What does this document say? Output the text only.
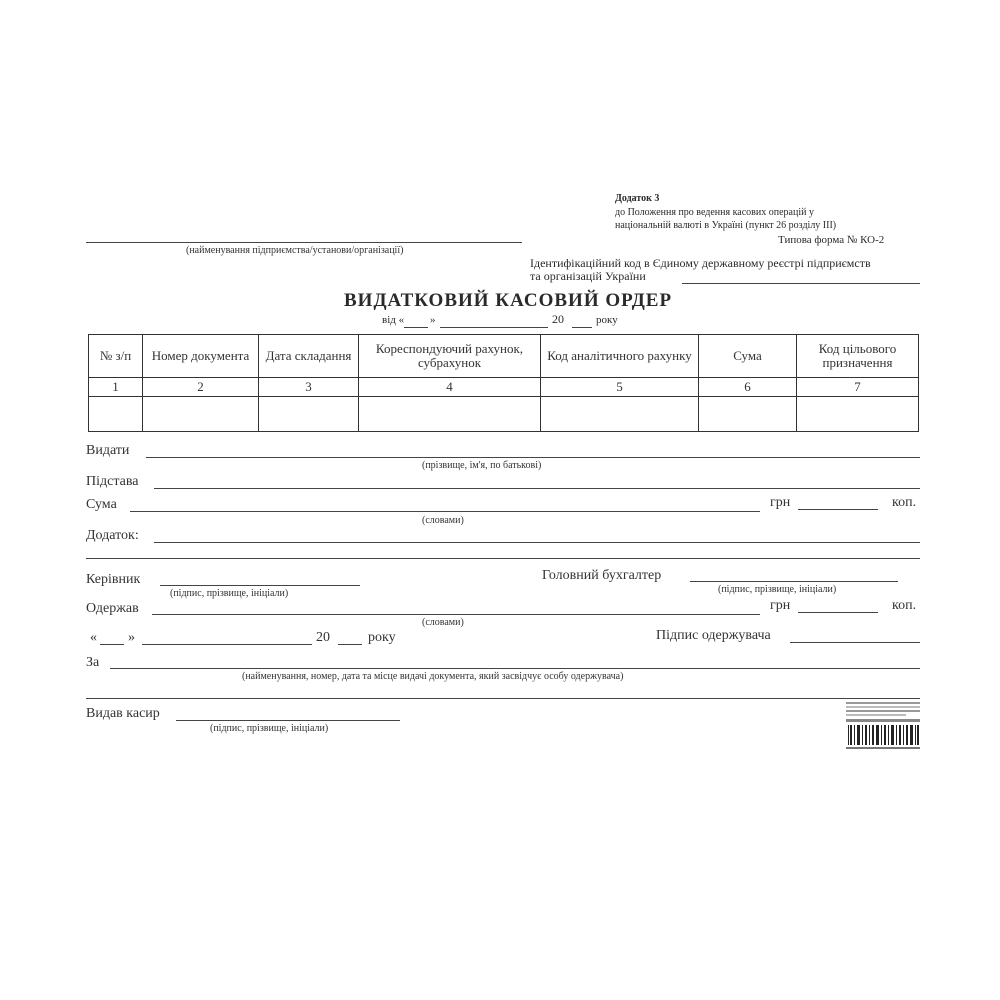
Додаток 3
до Положення про ведення касових операцій у
національній валюті в Україні (пункт 26 розділу III)
Типова форма № КО-2
(найменування підприємства/установи/організації)
Ідентифікаційний код в Єдиному державному реєстрі підприємств
та організацій України
ВИДАТКОВИЙ КАСОВИЙ ОРДЕР
від « »	20	року
№ з/п	Номер документа	Дата складання	Кореспондуючий рахунок, субрахунок	Код аналітичного рахунку	Сума	Код цільового призначення
1	2	3	4	5	6	7

Видати
(прізвище, ім'я, по батькові)
Підстава
Сума	грн	коп.
(словами)
Додаток:
Керівник
(підпис, прізвище, ініціали)
Головний бухгалтер
(підпис, прізвище, ініціали)
Одержав	грн	коп.
(словами)
« »	20	року	Підпис одержувача
За
(найменування, номер, дата та місце видачі документа, який засвідчує особу одержувача)
Видав касир
(підпис, прізвище, ініціали)
